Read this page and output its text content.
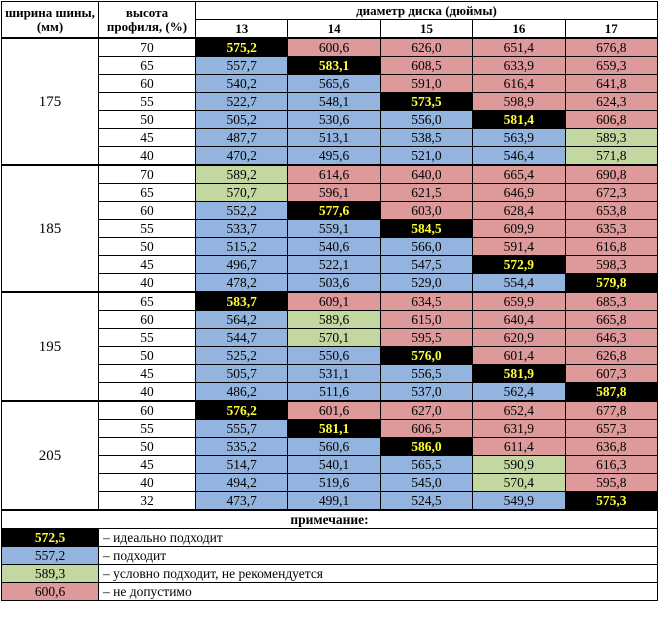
ширина шины, (мм)	высота профиля, (%)	диаметр диска (дюймы)				
		13	14	15	16	17
175	70	575,2	600,6	626,0	651,4	676,8
	65	557,7	583,1	608,5	633,9	659,3
	60	540,2	565,6	591,0	616,4	641,8
	55	522,7	548,1	573,5	598,9	624,3
	50	505,2	530,6	556,0	581,4	606,8
	45	487,7	513,1	538,5	563,9	589,3
	40	470,2	495,6	521,0	546,4	571,8
185	70	589,2	614,6	640,0	665,4	690,8
	65	570,7	596,1	621,5	646,9	672,3
	60	552,2	577,6	603,0	628,4	653,8
	55	533,7	559,1	584,5	609,9	635,3
	50	515,2	540,6	566,0	591,4	616,8
	45	496,7	522,1	547,5	572,9	598,3
	40	478,2	503,6	529,0	554,4	579,8
195	65	583,7	609,1	634,5	659,9	685,3
	60	564,2	589,6	615,0	640,4	665,8
	55	544,7	570,1	595,5	620,9	646,3
	50	525,2	550,6	576,0	601,4	626,8
	45	505,7	531,1	556,5	581,9	607,3
	40	486,2	511,6	537,0	562,4	587,8
205	60	576,2	601,6	627,0	652,4	677,8
	55	555,7	581,1	606,5	631,9	657,3
	50	535,2	560,6	586,0	611,4	636,8
	45	514,7	540,1	565,5	590,9	616,3
	40	494,2	519,6	545,0	570,4	595,8
	32	473,7	499,1	524,5	549,9	575,3
примечание:						
572,5	– идеально подходит					
557,2	– подходит					
589,3	– условно подходит, не рекомендуется					
600,6	– не допустимо					
